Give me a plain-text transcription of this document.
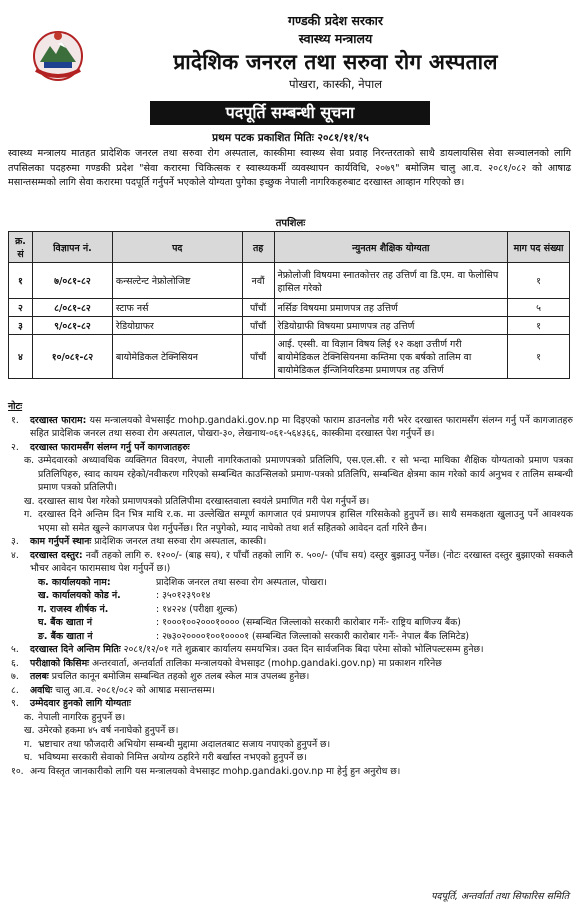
गण्डकी प्रदेश सरकार
स्वास्थ्य मन्त्रालय
प्रादेशिक जनरल तथा सरुवा रोग अस्पताल
पोखरा, कास्की, नेपाल
पदपूर्ति सम्बन्धी सूचना
प्रथम पटक प्रकाशित मितिः २०८१/११/१५
स्वास्थ्य मन्त्रालय मातहत प्रादेशिक जनरल तथा सरुवा रोग अस्पताल, कास्कीमा स्वास्थ्य सेवा प्रवाह निरन्तरताको साथै डायलायसिस सेवा सञ्चालनको लागि तपसिलका पदहरुमा गण्डकी प्रदेश "सेवा करारमा चिकित्सक र स्वास्थ्यकर्मी व्यवस्थापन कार्यविधि, २०७९" बमोजिम चालु आ.व. २०८१/०८२ को आषाढ मसान्तसम्मको लागि सेवा करारमा पदपूर्ति गर्नुपर्ने भएकोले योग्यता पुगेका इच्छुक नेपाली नागरिकहरुबाट दरखास्त आव्हान गरिएको छ।
तपशिलः
क्र. सं	विज्ञापन नं.	पद	तह	न्युनतम शैक्षिक योग्यता	माग पद संख्या
१	७/०८१-८२	कन्सल्टेन्ट नेफ्रोलोजिष्ट	नवौं	नेफ्रोलोजी विषयमा स्नातकोत्तर तह उत्तिर्ण वा डि.एम. वा फेलोसिप हासिल गरेको	१
२	८/०८१-८२	स्टाफ नर्स	पाँचौं	नर्सिङ विषयमा प्रमाणपत्र तह उत्तिर्ण	५
३	९/०८१-८२	रेडियोग्राफर	पाँचौं	रेडियोग्राफी विषयमा प्रमाणपत्र तह उत्तिर्ण	१
४	१०/०८१-८२	बायोमेडिकल टेक्निसियन	पाँचौं	आई. एस्सी. वा विज्ञान विषय लिई १२ कक्षा उत्तीर्ण गरी बायोमेडिकल टेक्निसियनमा कम्तिमा एक बर्षको तालिम वा बायोमेडिकल ईन्जिनियरिङमा प्रमाणपत्र तह उत्तिर्ण	१
नोटः
१. दरखास्त फाराम: यस मन्त्रालयको वेभसाईट mohp.gandaki.gov.np मा दिइएको फाराम डाउनलोड गरी भरेर दरखास्त फारामसँग संलग्न गर्नु पर्ने कागजातहरु सहित प्रादेशिक जनरल तथा सरुवा रोग अस्पताल, पोखरा-३०, लेखनाथ-०६१-५६४३६६, कास्कीमा दरखास्त पेश गर्नुपर्ने छ।
२. दरखास्त फारामसँग संलग्न गर्नु पर्ने कागजातहरुः
क. उम्मेदवारको अध्यावधिक व्यक्तिगत विवरण, नेपाली नागरिकताको प्रमाणपत्रको प्रतिलिपि, एस.एल.सी. र सो भन्दा माथिका शैक्षिक योग्यताको प्रमाण पत्रका प्रतिलिपिहरु, स्वाद कायम रहेको/नवीकरण गरिएको सम्बन्धित काउन्सिलको प्रमाण-पत्रको प्रतिलिपि, सम्बन्धित क्षेत्रमा काम गरेको कार्य अनुभव र तालिम सम्बन्धी प्रमाण पत्रको प्रतिलिपी।
ख. दरखास्त साथ पेश गरेको प्रमाणपत्रको प्रतिलिपीमा दरखास्तवाला स्वयंले प्रमाणित गरी पेश गर्नुपर्ने छ।
ग. दरखास्त दिने अन्तिम दिन भित्र माथि र.क. मा उल्लेखित सम्पूर्ण कागजात एवं प्रमाणपत्र हासिल गरिसकेको हुनुपर्ने छ। साथै समकक्षता खुलाउनु पर्ने आवश्यक भएमा सो समेत खुल्ने कागजपत्र पेश गर्नुपर्नेछ। रित नपुगेको, म्याद नाघेको तथा शर्त सहितको आवेदन दर्ता गरिने छैन।
३. काम गर्नुपर्ने स्थानः प्रादेशिक जनरल तथा सरुवा रोग अस्पताल, कास्की।
४. दरखास्त दस्तुर: नवौं तहको लागि रु. १२००/- (बाह्र सय), र पाँचौं तहको लागि रु. ५००/- (पाँच सय) दस्तुर बुझाउनु पर्नेछ। (नोटः दरखास्त दस्तुर बुझाएको सक्कलै भौचर आवेदन फारामसाथ पेश गर्नुपर्ने छ।)
क. कार्यालयको नाम:	प्रादेशिक जनरल तथा सरुवा रोग अस्पताल, पोखरा।
ख. कार्यालयको कोड नं.	: ३५०१२३९०१४
ग. राजस्व शीर्षक नं.	: १४२२४ (परीक्षा शुल्क)
घ. बैंक खाता नं	: १०००१००२०००१०००० (सम्बन्धित जिल्लाको सरकारी कारोबार गर्नेः- राष्ट्रिय बाणिज्य बैंक)
ङ. बैंक खाता नं	: २७३०२००००१००१००००१ (सम्बन्धित जिल्लाको सरकारी कारोबार गर्नेः- नेपाल बैंक लिमिटेड)
५. दरखास्त दिने अन्तिम मितिः २०८१/१२/०१ गते शुक्रबार कार्यालय समयभित्र। उक्त दिन सार्वजनिक बिदा परेमा सोको भोलिपल्टसम्म हुनेछ।
६. परीक्षाको किसिमः अन्तरवार्ता, अन्तर्वार्ता तालिका मन्त्रालयको वेभसाइट (mohp.gandaki.gov.np) मा प्रकाशन गरिनेछ
७. तलबः प्रचलित कानून बमोजिम सम्बन्धित तहको शुरु तलब स्केल मात्र उपलब्ध हुनेछ।
८. अवधिः चालु आ.व. २०८१/०८२ को आषाढ मसान्तसम्म।
९. उम्मेदवार हुनको लागि योग्यताः
क. नेपाली नागरिक हुनुपर्ने छ।
ख. उमेरको हकमा ४५ वर्ष ननाघेको हुनुपर्ने छ।
ग. भ्रष्टाचार तथा फौजदारी अभियोग सम्बन्धी मुद्दामा अदालतबाट सजाय नपाएको हुनुपर्ने छ।
घ. भविष्यमा सरकारी सेवाको निमित्त अयोग्य ठहरिने गरी बर्खास्त नभएको हुनुपर्ने छ।
१०. अन्य विस्तृत जानकारीको लागि यस मन्त्रालयको वेभसाइट mohp.gandaki.gov.np मा हेर्नु हुन अनुरोध छ।
पदपूर्ति, अन्तर्वार्ता तथा सिफारिस समिति
